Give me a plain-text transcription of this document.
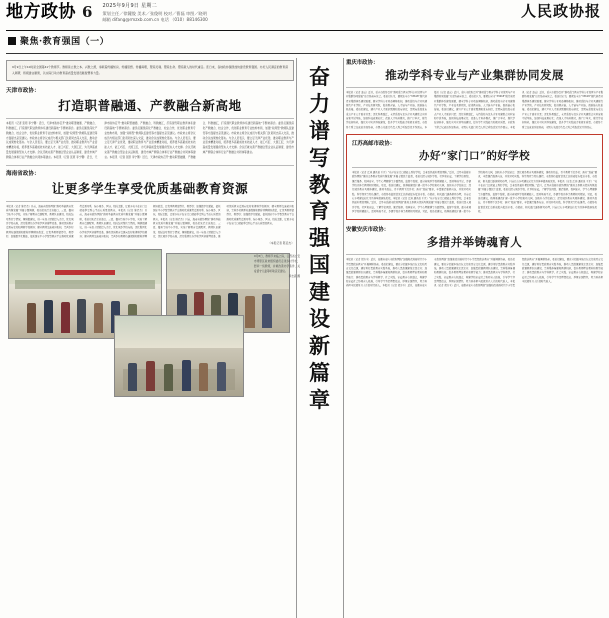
地方政协 6 2025年9月9日 星期二
策划主任／徐麓俊 美术／张俊明 校对／曹磊 审图／晓明
邮箱 difang@rmzxb.com.cn 电话 （010）88146300	人民政协报
聚焦·教育强国（一）
9月9日上午10时是全国第41个教师节。教师是立教之本、兴教之源，承载着传播知识、传播思想、传播真理，塑造灵魂、塑造生命、塑造新人的时代重任。连日来，各地政协围绕加快建设教育强国、办好人民满意的教育深入调研，积极建言献策，以实际行动为教育高质量发展贡献智慧和力量。
天津市政协：
打造职普融通、产教融合新高地
本报讯（记者 张原 李宁馨）近日，天津市政协召开“推动职普融通、产教融合、科教融汇，打造现代职业教育体系建设新高地”专题协商会。委员们围绕深化产教融合、校企合作，优化职业教育专业结构布局，加强“双师型”教师队伍建设等方面提出意见建议。市政协主席会议成员与相关部门负责同志深入交流，推动会议成果转化落实。与会人员表示，要立足天津产业优势，推动职业教育与产业需求精准对接，培养更多高素质技术技能人才、能工巧匠、大国工匠，为天津高质量发展提供坚实人才支撑。会议还就完善产教融合型企业认证制度、建设市域产教联合体和行业产教融合共同体等建言。本报讯（记者 张原 李宁馨）近日，天津市政协召开“推动职普融通、产教融合、科教融汇，打造现代职业教育体系建设新高地”专题协商会。委员们围绕深化产教融合、校企合作，优化职业教育专业结构布局，加强“双师型”教师队伍建设等方面提出意见建议。市政协主席会议成员与相关部门负责同志深入交流，推动会议成果转化落实。与会人员表示，要立足天津产业优势，推动职业教育与产业需求精准对接，培养更多高素质技术技能人才、能工巧匠、大国工匠，为天津高质量发展提供坚实人才支撑。会议还就完善产教融合型企业认证制度、建设市域产教联合体和行业产教融合共同体等建言。本报讯（记者 张原 李宁馨）近日，天津市政协召开“推动职普融通、产教融合、科教融汇，打造现代职业教育体系建设新高地”专题协商会。委员们围绕深化产教融合、校企合作，优化职业教育专业结构布局，加强“双师型”教师队伍建设等方面提出意见建议。市政协主席会议成员与相关部门负责同志深入交流，推动会议成果转化落实。与会人员表示，要立足天津产业优势，推动职业教育与产业需求精准对接，培养更多高素质技术技能人才、能工巧匠、大国工匠，为天津高质量发展提供坚实人才支撑。会议还就完善产教融合型企业认证制度、建设市域产教联合体和行业产教融合共同体等建言。
海南省政协：
让更多学生享受优质基础教育资源
本报讯（记者 陈启杰）日前，海南省政协围绕“推动基础教育优质均衡发展”开展专题调研，委员们先后走访海口、三亚、儋州等地中小学校，实地了解教育资源配置、教师队伍建设、校际结对帮扶等情况。调研组建议，进一步加大财政投入力度，优化城乡学校布局，深化集团化办学和学区制管理改革，推动优质教育资源向农村和薄弱学校倾斜；健全教师交流轮岗机制，完善乡村教师待遇保障和职称评聘倾斜政策，让优秀教师留得住、教得好；加强数字化赋能，依托国家中小学智慧教育平台推动优质课程资源共享，缩小城乡、区域、校际差距，让更多孩子在家门口就能享受到公平而有质量的教育。本报讯（记者 陈启杰）日前，海南省政协围绕“推动基础教育优质均衡发展”开展专题调研，委员们先后走访海口、三亚、儋州等地中小学校，实地了解教育资源配置、教师队伍建设、校际结对帮扶等情况。调研组建议，进一步加大财政投入力度，优化城乡学校布局，深化集团化办学和学区制管理改革，推动优质教育资源向农村和薄弱学校倾斜；健全教师交流轮岗机制，完善乡村教师待遇保障和职称评聘倾斜政策，让优秀教师留得住、教得好；加强数字化赋能，依托国家中小学智慧教育平台推动优质课程资源共享，缩小城乡、区域、校际差距，让更多孩子在家门口就能享受到公平而有质量的教育。本报讯（记者 陈启杰）日前，海南省政协围绕“推动基础教育优质均衡发展”开展专题调研，委员们先后走访海口、三亚、儋州等地中小学校，实地了解教育资源配置、教师队伍建设、校际结对帮扶等情况。调研组建议，进一步加大财政投入力度，优化城乡学校布局，深化集团化办学和学区制管理改革，推动优质教育资源向农村和薄弱学校倾斜；健全教师交流轮岗机制，完善乡村教师待遇保障和职称评聘倾斜政策，让优秀教师留得住、教得好；加强数字化赋能，依托国家中小学智慧教育平台推动优质课程资源共享，缩小城乡、区域、校际差距，让更多孩子在家门口就能享受到公平而有质量的教育。
（本报记者 陈启杰）
9月8日，教师节来临之际，江西省吉安市青原区政协组织委员走进乡村学校，慰问一线教师，并就改善办学条件、关爱留守儿童等听取意见建议。
李志高 摄
奋
力
谱
写
教
育
强
国
建
设
新
篇
章
重庆市政协：
推动学科专业与产业集群协同发展
本报讯（记者 凌云）近日，重庆市政协召开“推动高等教育学科专业设置与产业集群协同发展”月度协商座谈会。委员们认为，要紧扣全市“33618”现代制造业集群体系建设需要，健全学科专业动态调整机制，推动高校与企业共建现代产业学院、产业技术研究院，促进教育链、人才链与产业链、创新链有机衔接。委员们建议，建立产业人才需求预测和发布制度，定期向高校发布重点产业人才需求目录；深化科教融汇，支持高校与龙头企业共建联合实验室和中试基地，加快科技成果转化；改革人才培养模式，推广订单式、现代学徒制培养，强化实习实训基地建设，提升学生实践能力和就业质量。市政协主席会议成员参加协商，市级有关部门负责人到会听取意见并作回应。本报讯（记者 凌云）近日，重庆市政协召开“推动高等教育学科专业设置与产业集群协同发展”月度协商座谈会。委员们认为，要紧扣全市“33618”现代制造业集群体系建设需要，健全学科专业动态调整机制，推动高校与企业共建现代产业学院、产业技术研究院，促进教育链、人才链与产业链、创新链有机衔接。委员们建议，建立产业人才需求预测和发布制度，定期向高校发布重点产业人才需求目录；深化科教融汇，支持高校与龙头企业共建联合实验室和中试基地，加快科技成果转化；改革人才培养模式，推广订单式、现代学徒制培养，强化实习实训基地建设，提升学生实践能力和就业质量。市政协主席会议成员参加协商，市级有关部门负责人到会听取意见并作回应。本报讯（记者 凌云）近日，重庆市政协召开“推动高等教育学科专业设置与产业集群协同发展”月度协商座谈会。委员们认为，要紧扣全市“33618”现代制造业集群体系建设需要，健全学科专业动态调整机制，推动高校与企业共建现代产业学院、产业技术研究院，促进教育链、人才链与产业链、创新链有机衔接。委员们建议，建立产业人才需求预测和发布制度，定期向高校发布重点产业人才需求目录；深化科教融汇，支持高校与龙头企业共建联合实验室和中试基地，加快科技成果转化；改革人才培养模式，推广订单式、现代学徒制培养，强化实习实训基地建设，提升学生实践能力和就业质量。市政协主席会议成员参加协商，市级有关部门负责人到会听取意见并作回应。
江苏高邮市政协：
办好“家门口”的好学校
本报讯（记者 江迪 通讯员 王正）“孩子在家门口就能上到好学校，是老百姓最朴素的期盼。”近日，江苏省高邮市政协围绕“推进义务教育优质均衡发展”开展专题民主监督，委员们深入城乡学校、社区和家庭，了解学位供给、课后服务、校园安全、学生心理健康等方面情况。监督中发现，部分老城区学校班额偏大、活动场地不足，乡镇学校音体美教师相对紧缺。对此，委员们建议，统筹新建改扩建一批中小学校和幼儿园，加快补齐学位缺口；深化城乡教育共同体建设，推动名校长、骨干教师下沉乡村；落实“双减”要求，丰富课后服务内容，开设劳动实践、科学探究等特色课程。市政协将监督意见汇总形成报告报送市委、市政府，相关部门逐条研究办理，目前已有多项建议转化为具体举措落地见效。本报讯（记者 江迪 通讯员 王正）“孩子在家门口就能上到好学校，是老百姓最朴素的期盼。”近日，江苏省高邮市政协围绕“推进义务教育优质均衡发展”开展专题民主监督，委员们深入城乡学校、社区和家庭，了解学位供给、课后服务、校园安全、学生心理健康等方面情况。监督中发现，部分老城区学校班额偏大、活动场地不足，乡镇学校音体美教师相对紧缺。对此，委员们建议，统筹新建改扩建一批中小学校和幼儿园，加快补齐学位缺口；深化城乡教育共同体建设，推动名校长、骨干教师下沉乡村；落实“双减”要求，丰富课后服务内容，开设劳动实践、科学探究等特色课程。市政协将监督意见汇总形成报告报送市委、市政府，相关部门逐条研究办理，目前已有多项建议转化为具体举措落地见效。本报讯（记者 江迪 通讯员 王正）“孩子在家门口就能上到好学校，是老百姓最朴素的期盼。”近日，江苏省高邮市政协围绕“推进义务教育优质均衡发展”开展专题民主监督，委员们深入城乡学校、社区和家庭，了解学位供给、课后服务、校园安全、学生心理健康等方面情况。监督中发现，部分老城区学校班额偏大、活动场地不足，乡镇学校音体美教师相对紧缺。对此，委员们建议，统筹新建改扩建一批中小学校和幼儿园，加快补齐学位缺口；深化城乡教育共同体建设，推动名校长、骨干教师下沉乡村；落实“双减”要求，丰富课后服务内容，开设劳动实践、科学探究等特色课程。市政协将监督意见汇总形成报告报送市委、市政府，相关部门逐条研究办理，目前已有多项建议转化为具体举措落地见效。
安徽安庆市政协：
多措并举铸魂育人
本报讯（记者 胡方玉）近日，安徽省安庆市政协围绕“加强和改进新时代中小学思想政治教育”开展调研协商。委员们建议，要充分挖掘本地红色文化和历史文化资源，建好用好思政教育实践基地，推动大思政课建设走深走实；加强思政课教师队伍建设，完善集体备课和教研机制，提升教师理论素养和教学能力；推动思政教育与学科教学、社会实践、家庭教育有机融合，构建学校家庭社会协同育人格局，引导学生坚定理想信念、厚植家国情怀，努力培养担当民族复兴大任的时代新人。本报讯（记者 胡方玉）近日，安徽省安庆市政协围绕“加强和改进新时代中小学思想政治教育”开展调研协商。委员们建议，要充分挖掘本地红色文化和历史文化资源，建好用好思政教育实践基地，推动大思政课建设走深走实；加强思政课教师队伍建设，完善集体备课和教研机制，提升教师理论素养和教学能力；推动思政教育与学科教学、社会实践、家庭教育有机融合，构建学校家庭社会协同育人格局，引导学生坚定理想信念、厚植家国情怀，努力培养担当民族复兴大任的时代新人。本报讯（记者 胡方玉）近日，安徽省安庆市政协围绕“加强和改进新时代中小学思想政治教育”开展调研协商。委员们建议，要充分挖掘本地红色文化和历史文化资源，建好用好思政教育实践基地，推动大思政课建设走深走实；加强思政课教师队伍建设，完善集体备课和教研机制，提升教师理论素养和教学能力；推动思政教育与学科教学、社会实践、家庭教育有机融合，构建学校家庭社会协同育人格局，引导学生坚定理想信念、厚植家国情怀，努力培养担当民族复兴大任的时代新人。
